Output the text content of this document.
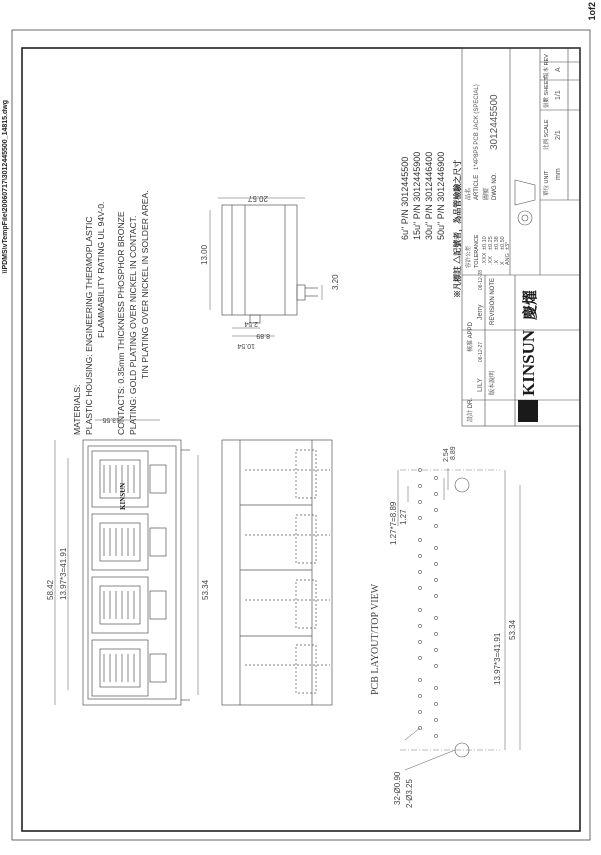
\\PDMS\vTempFile\20060717\3012445500_14815.dwg
1of2
MATERIALS: PLASTIC HOUSING: ENGINEERING THERMOPLASTIC FLAMMABILITY RATING UL 94V-0. CONTACTS: 0.35mm THICKNESS PHOSPHOR BRONZE PLATING: GOLD PLATING OVER NICKEL IN CONTACT. TIN PLATING OVER NICKEL IN SOLDER AREA.	6u" P/N 3012445500 15u" P/N 3012445900 30u" P/N 3012446400 50u" P/N 3012446900 ※凡標註 △記號者，為品管檢驗之尺寸
KINSUN
58.42 13.97*3=41.91	53.34
13.55
20.57
13.00
3.20
2.54
8.89
10.54
PCB LAYOUT/TOP VIEW
1.27*7=8.89 1.27
8.89
2.54
13.97*3=41.91
53.34
32-Ø0.90 2-Ø3.25
設計 DR.
LILY
06-12-27
核准 APPD
Jerry
06-12-28
版本說明
REVISION NOTE
KINSUN
慶燿
容許公差 TOLERANCE .XXX
±0.10
.XX
±0.25
.X
±0.38
X
±0.50
ANG
±3°
品名 ARTICLE
1*4P8P5 PCB JACK (SPECIAL)
圖號 DWG NO.
3012445500
單位 UNIT mm
比例 SCALE 2/1
張數 SHEET 1/1
版本 REV A
